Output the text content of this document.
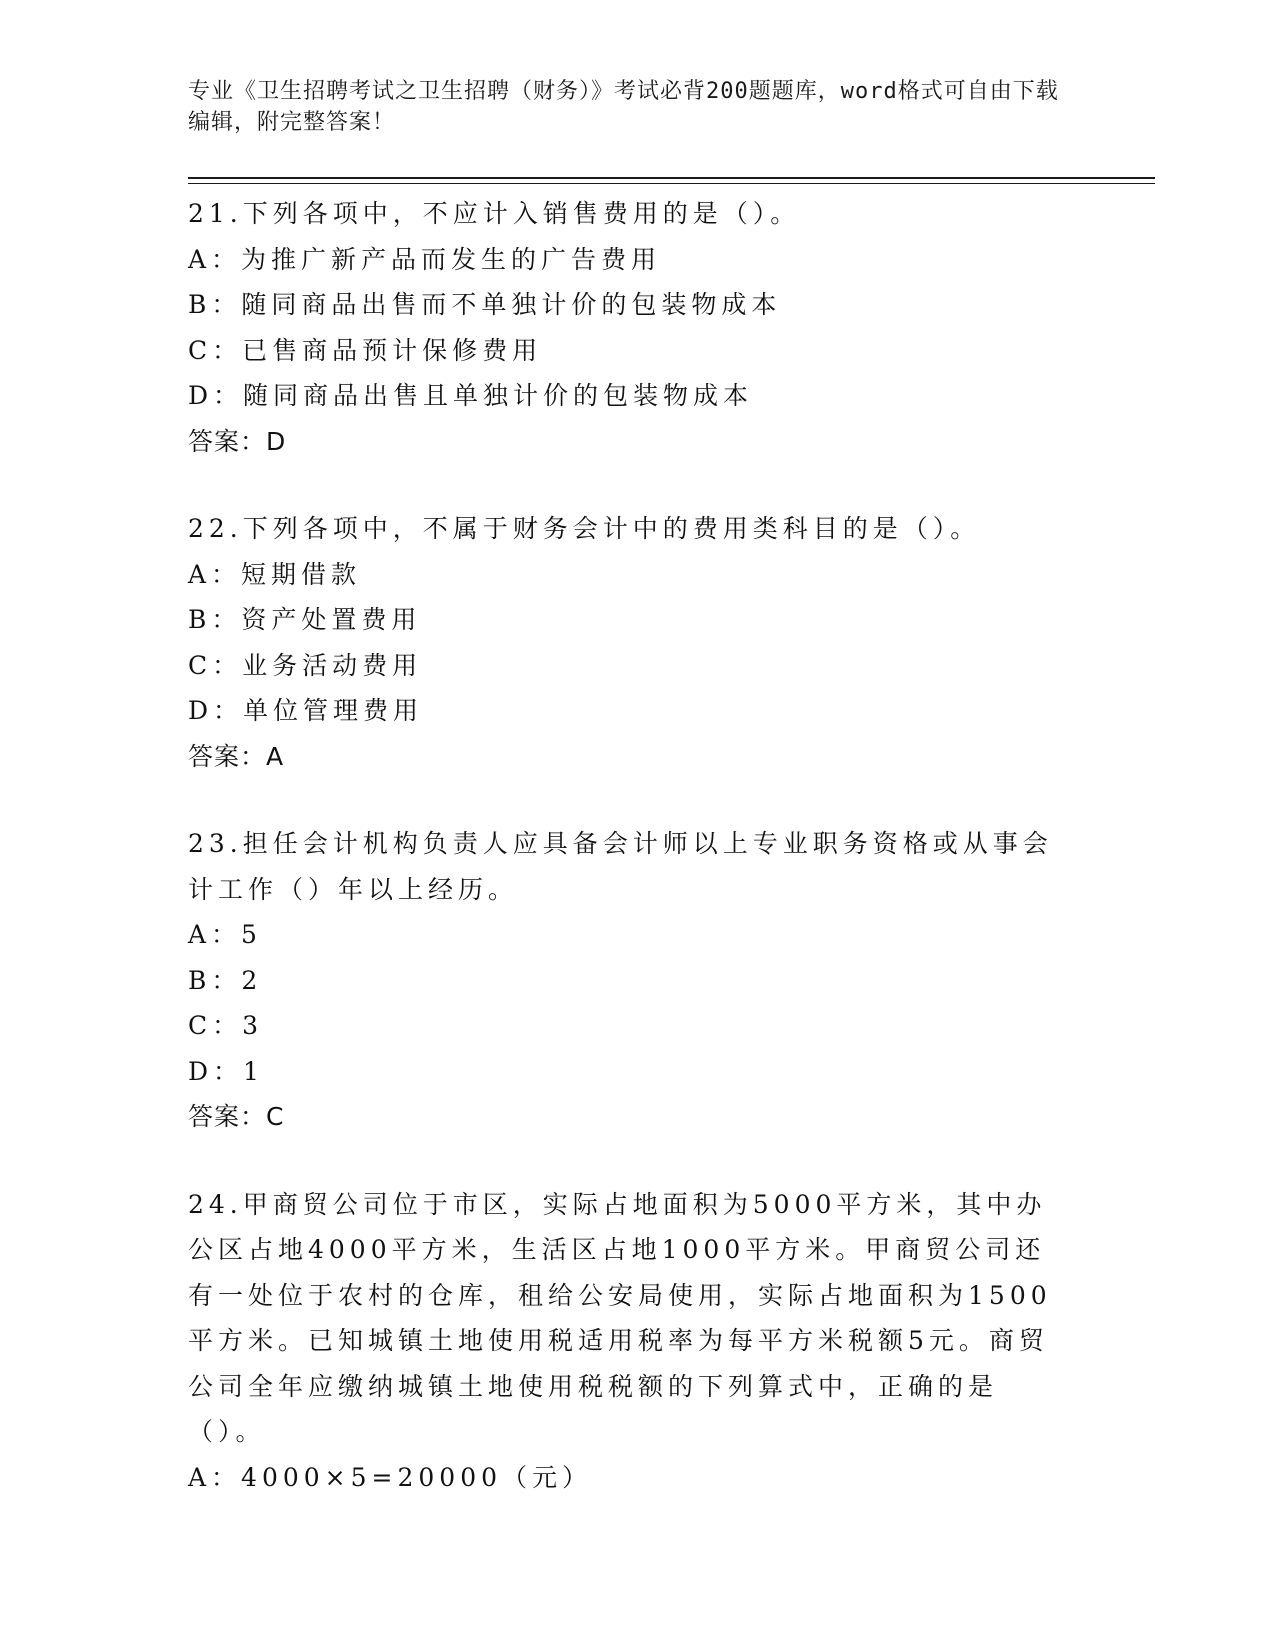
专业《卫生招聘考试之卫生招聘（财务）》考试必背200题题库，word格式可自由下载编辑，附完整答案！

21.下列各项中，不应计入销售费用的是（）。

A：为推广新产品而发生的广告费用

B：随同商品出售而不单独计价的包装物成本

C：已售商品预计保修费用

D：随同商品出售且单独计价的包装物成本

答案：D

22.下列各项中，不属于财务会计中的费用类科目的是（）。

A：短期借款

B：资产处置费用

C：业务活动费用

D：单位管理费用

答案：A

23.担任会计机构负责人应具备会计师以上专业职务资格或从事会计工作（）年以上经历。

A：5

B：2

C：3

D：1

答案：C

24.甲商贸公司位于市区，实际占地面积为5000平方米，其中办公区占地4000平方米，生活区占地1000平方米。甲商贸公司还有一处位于农村的仓库，租给公安局使用，实际占地面积为1500平方米。已知城镇土地使用税适用税率为每平方米税额5元。商贸公司全年应缴纳城镇土地使用税税额的下列算式中，正确的是（）。

A：4000×5=20000（元）
